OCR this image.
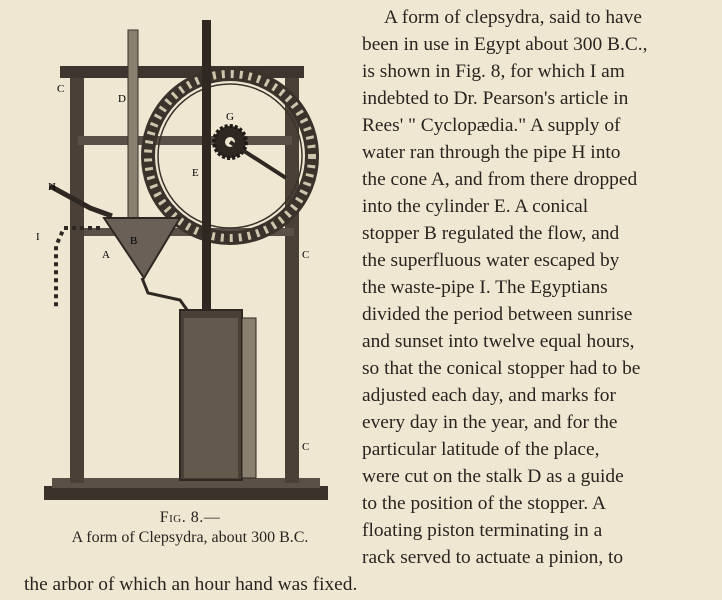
C
D
G
E
H
I
A
B
C
C
Fig. 8.—
A form of Clepsydra, about 300 B.C.
A form of clepsydra, said to have
been in use in Egypt about 300 B.C.,
is shown in Fig. 8, for which I am
indebted to Dr. Pearson's article in
Rees' " Cyclopædia." A supply of
water ran through the pipe H into
the cone A, and from there dropped
into the cylinder E. A conical
stopper B regulated the flow, and
the superfluous water escaped by
the waste-pipe I. The Egyptians
divided the period between sunrise
and sunset into twelve equal hours,
so that the conical stopper had to be
adjusted each day, and marks for
every day in the year, and for the
particular latitude of the place,
were cut on the stalk D as a guide
to the position of the stopper. A
floating piston terminating in a
rack served to actuate a pinion, to
the arbor of which an hour hand was fixed.
